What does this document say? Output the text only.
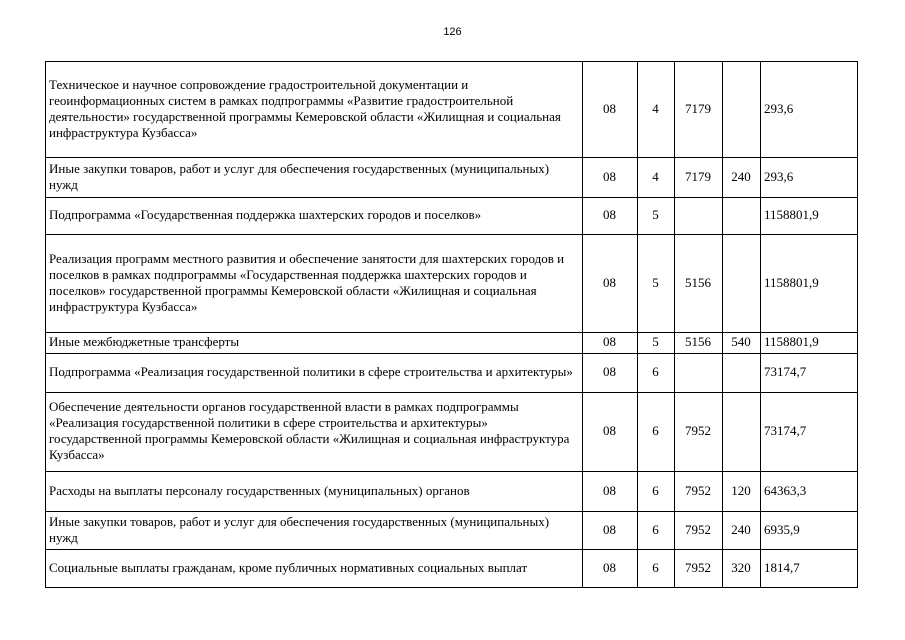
126
Техническое и научное сопровождение градостроительной документации и геоинформационных систем в рамках подпрограммы «Развитие градостроительной деятельности» государственной программы Кемеровской области «Жилищная и социальная инфраструктура Кузбасса»	08	4	7179		293,6
Иные закупки товаров, работ и услуг для обеспечения государственных (муниципальных) нужд	08	4	7179	240	293,6
Подпрограмма «Государственная поддержка шахтерских городов и поселков»	08	5			1158801,9
Реализация программ местного развития и обеспечение занятости для шахтерских городов и поселков в рамках подпрограммы «Государственная поддержка шахтерских городов и поселков» государственной программы Кемеровской области «Жилищная и социальная инфраструктура Кузбасса»	08	5	5156		1158801,9
Иные межбюджетные трансферты	08	5	5156	540	1158801,9
Подпрограмма «Реализация государственной политики в сфере строительства и архитектуры»	08	6			73174,7
Обеспечение деятельности органов государственной власти в рамках подпрограммы «Реализация государственной политики в сфере строительства и архитектуры» государственной программы Кемеровской области «Жилищная и социальная инфраструктура Кузбасса»	08	6	7952		73174,7
Расходы на выплаты персоналу государственных (муниципальных) органов	08	6	7952	120	64363,3
Иные закупки товаров, работ и услуг для обеспечения государственных (муниципальных) нужд	08	6	7952	240	6935,9
Социальные выплаты гражданам, кроме публичных нормативных социальных выплат	08	6	7952	320	1814,7
